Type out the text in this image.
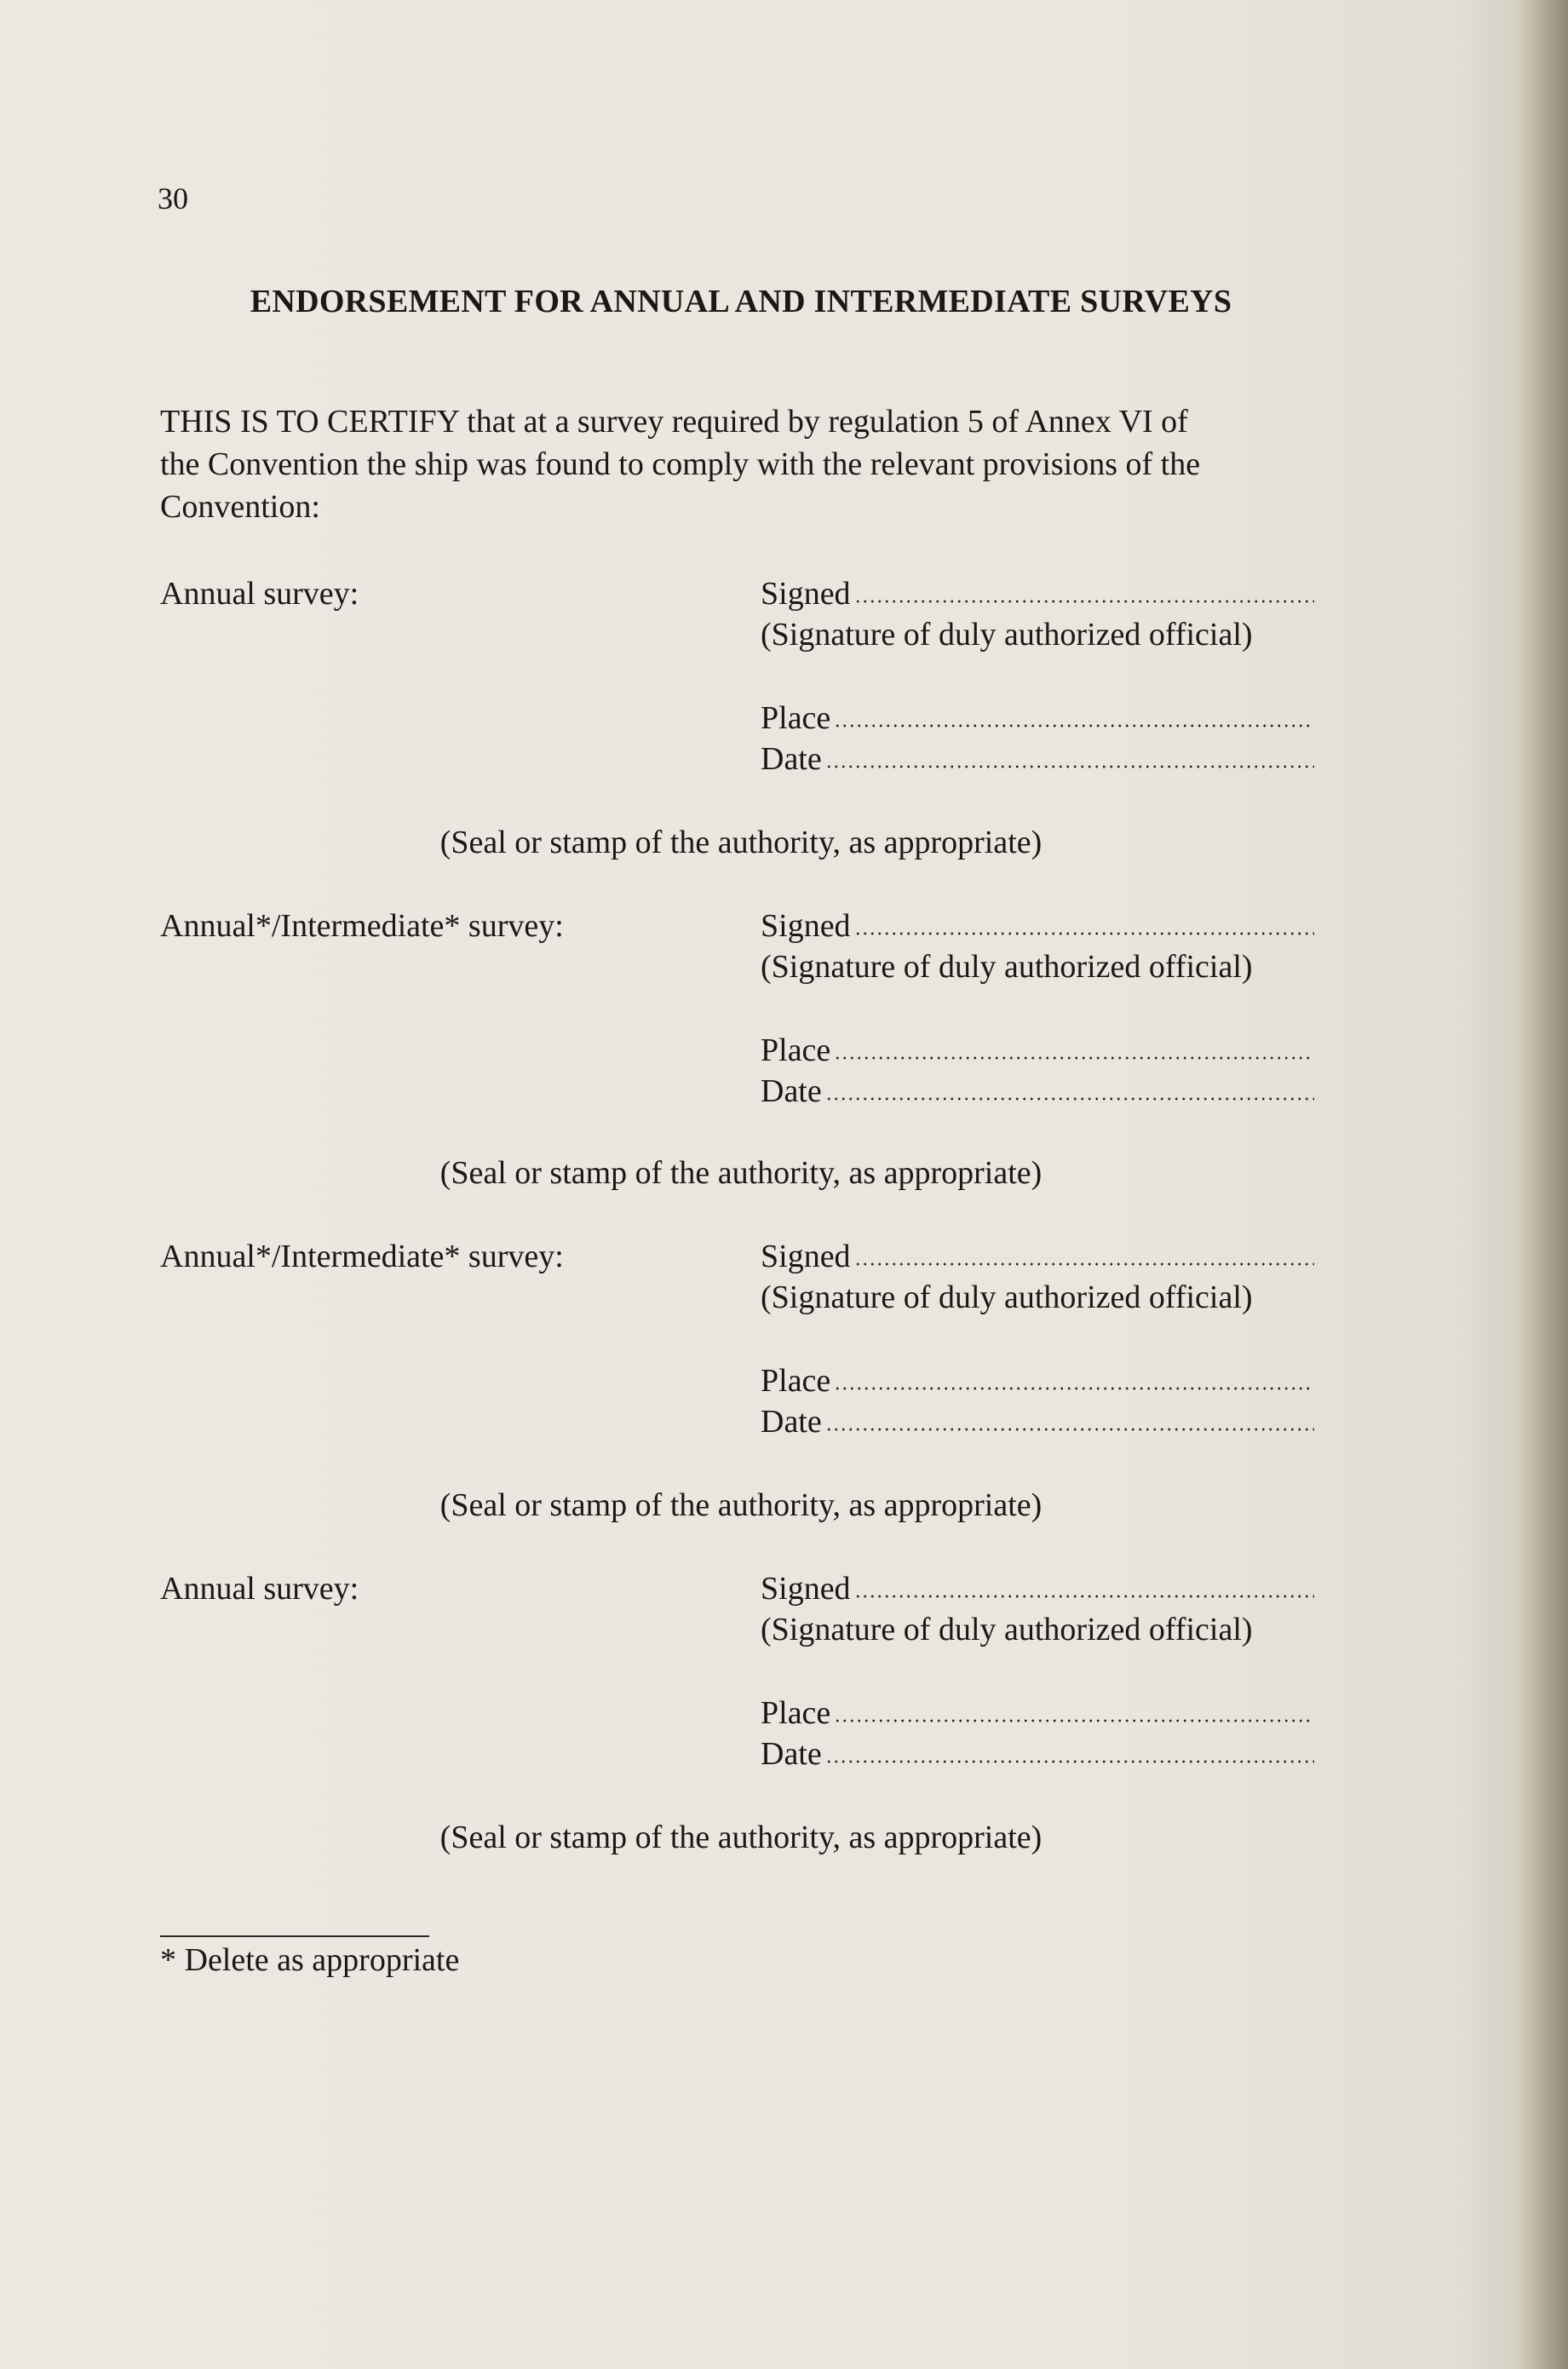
30
ENDORSEMENT FOR ANNUAL AND INTERMEDIATE SURVEYS
THIS IS TO CERTIFY that at a survey required by regulation 5 of Annex VI of
the Convention the ship was found to comply with the relevant provisions of the
Convention:
Annual survey:	Signed
(Signature of duly authorized official)
Place
Date
(Seal or stamp of the authority, as appropriate)
Annual*/Intermediate* survey:	Signed
(Signature of duly authorized official)
Place
Date
(Seal or stamp of the authority, as appropriate)
Annual*/Intermediate* survey:	Signed
(Signature of duly authorized official)
Place
Date
(Seal or stamp of the authority, as appropriate)
Annual survey:	Signed
(Signature of duly authorized official)
Place
Date
(Seal or stamp of the authority, as appropriate)
* Delete as appropriate
